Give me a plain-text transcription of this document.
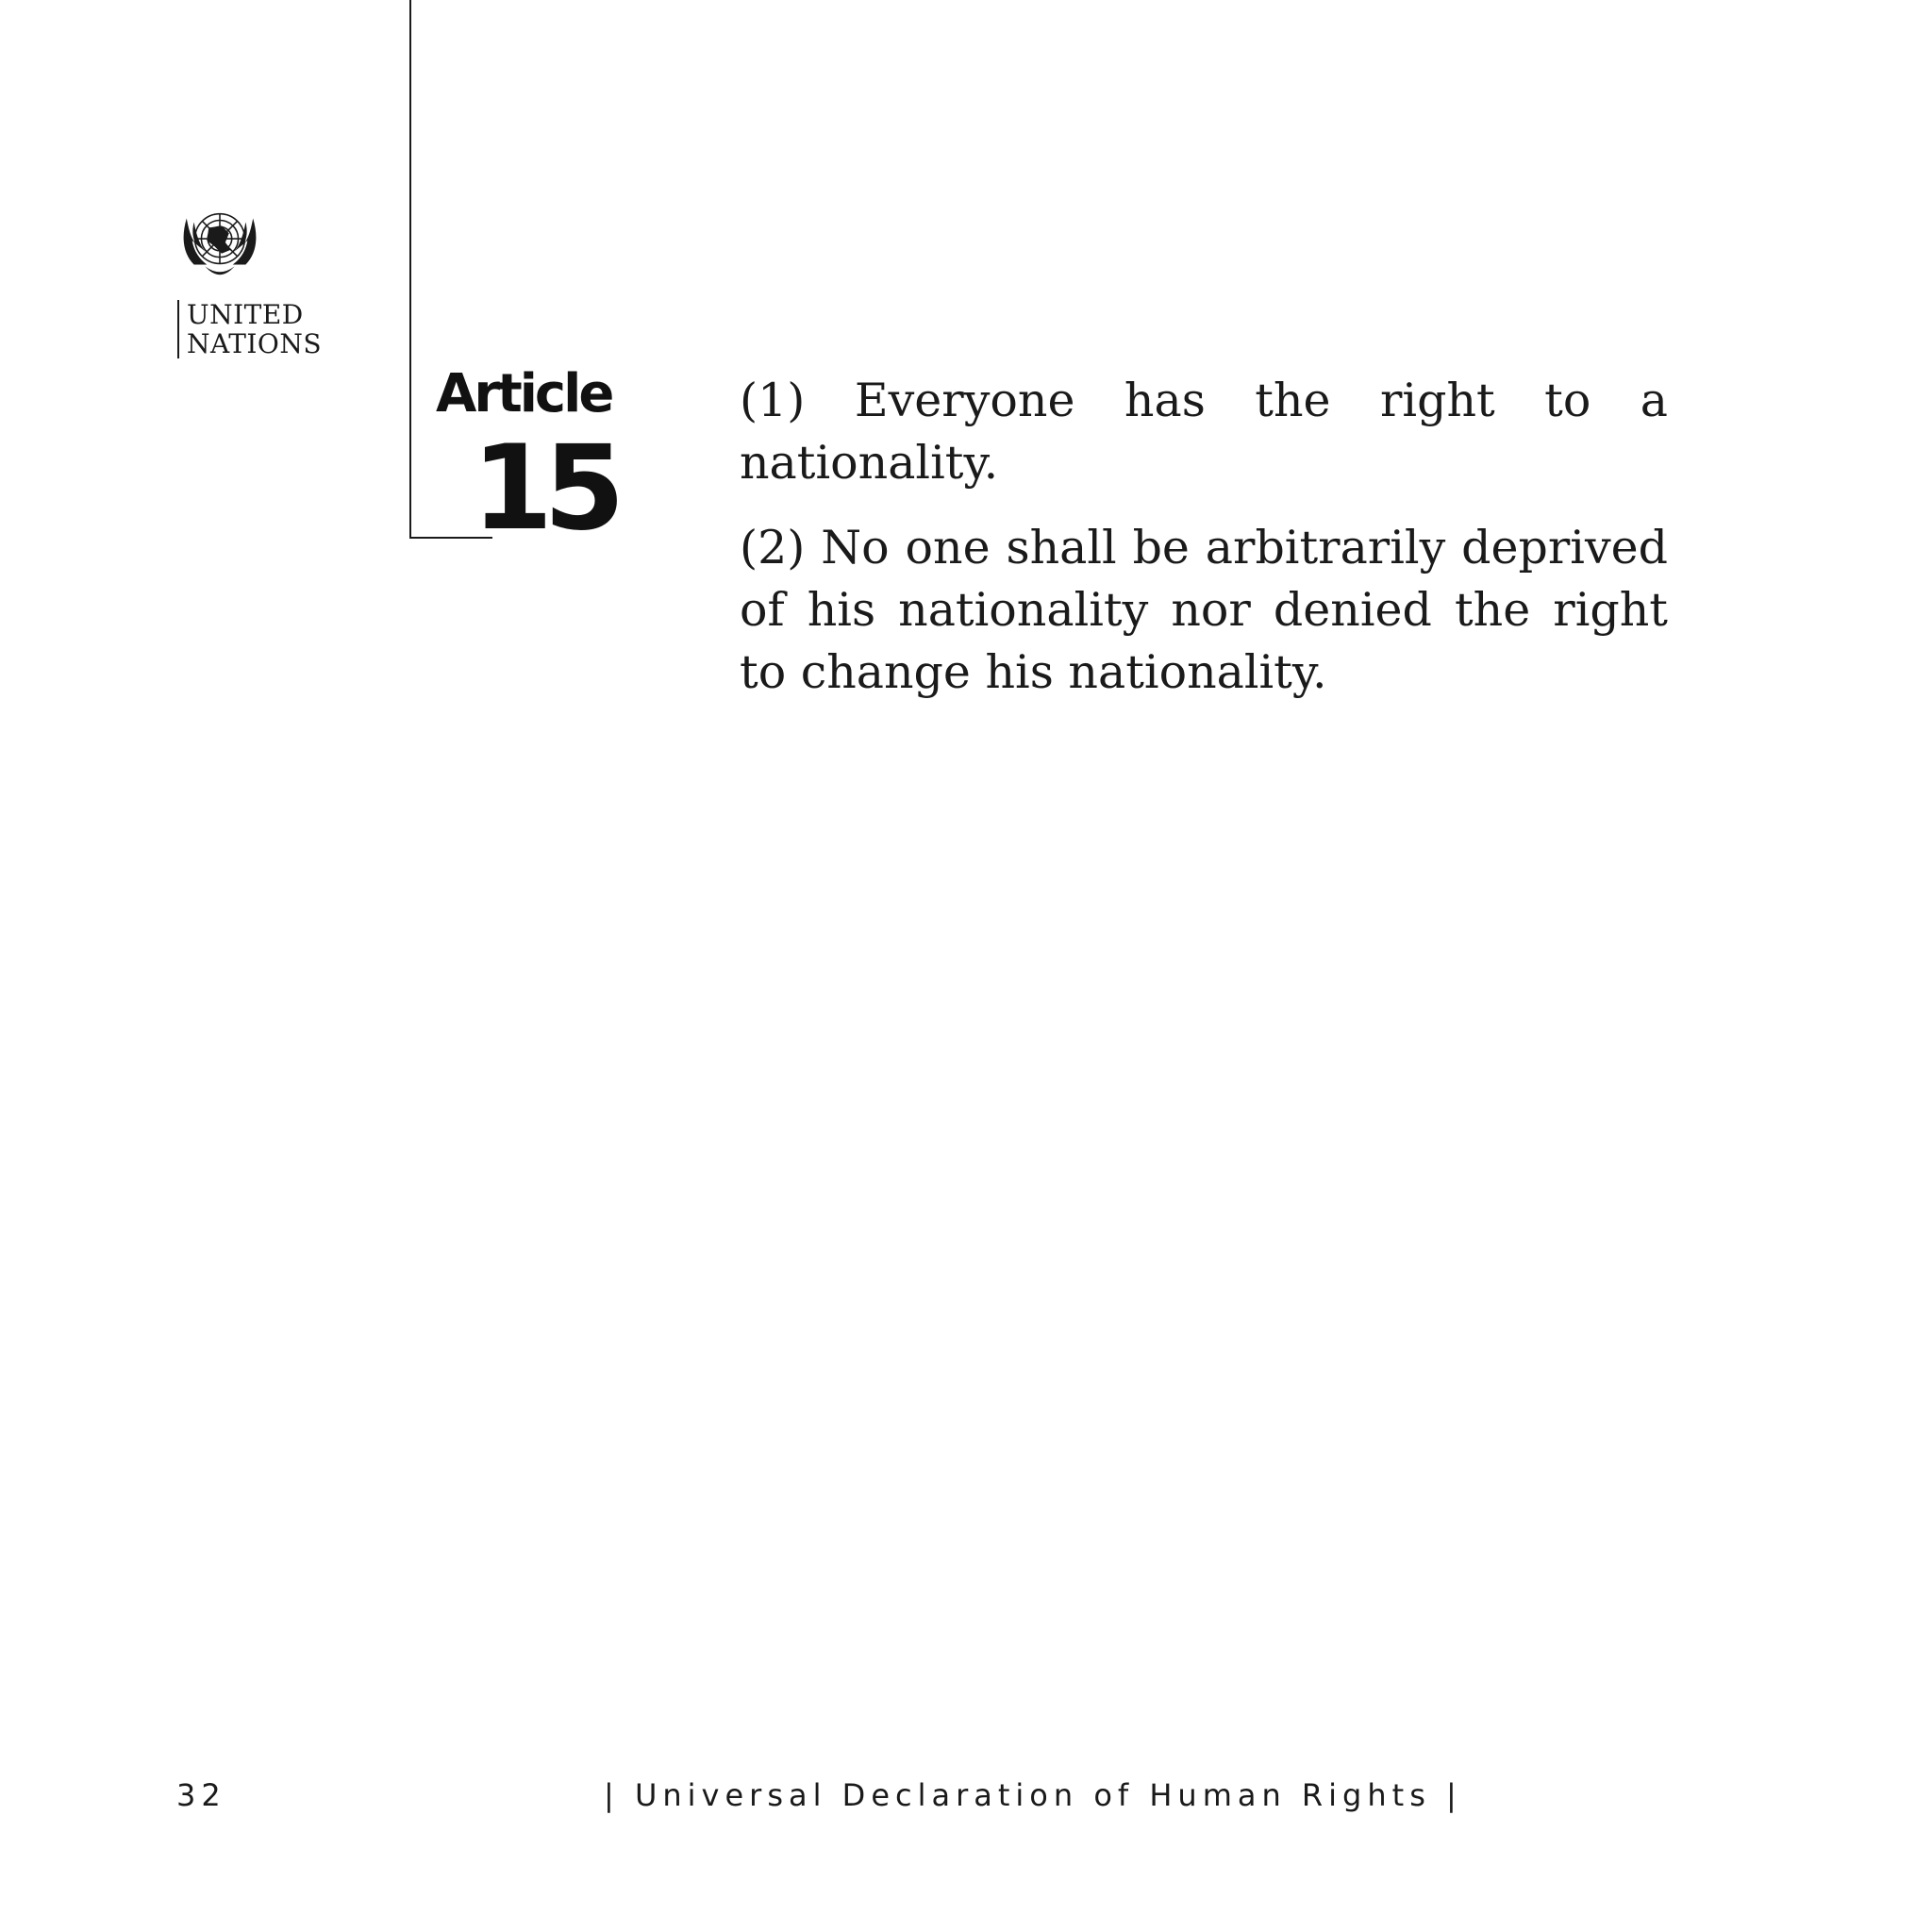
UNITED
NATIONS
Article
15

(1) Everyone has the right to a nationality.

(2) No one shall be arbitrarily deprived of his nationality nor denied the right to change his nationality.

32	| Universal Declaration of Human Rights |
